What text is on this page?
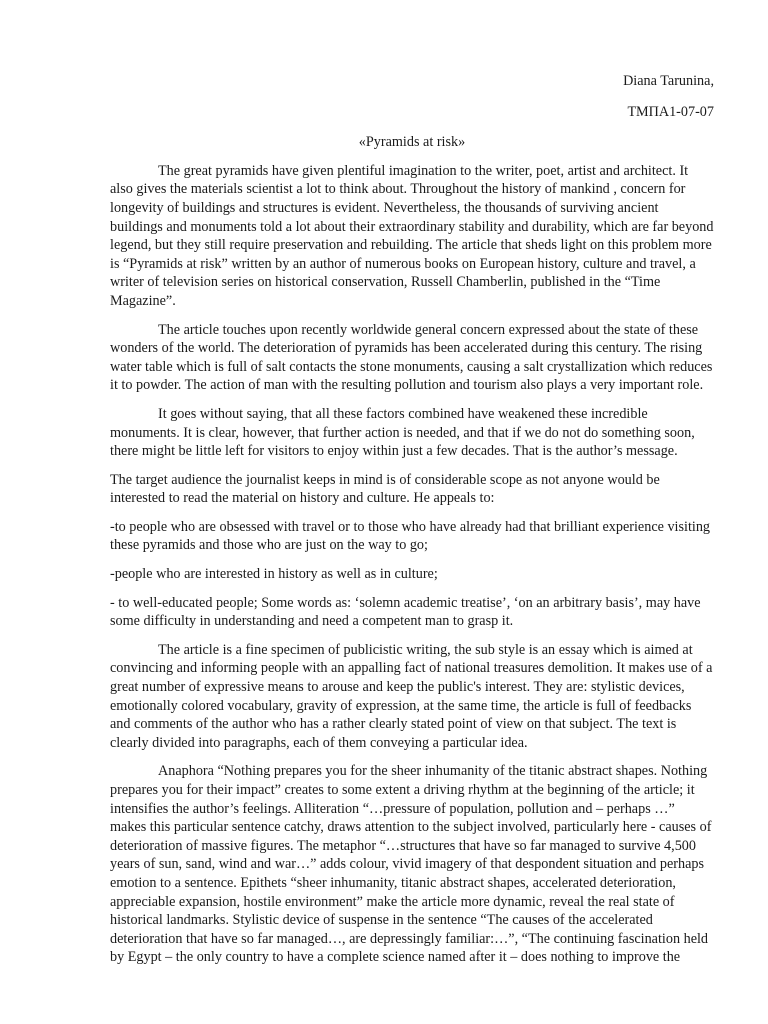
Diana Tarunina,

ТМПА1-07-07

«Pyramids at risk»

The great pyramids have given plentiful imagination to the writer, poet, artist and architect. It also gives the materials scientist a lot to think about. Throughout the history of mankind , concern for longevity of buildings and structures is evident. Nevertheless, the thousands of surviving ancient buildings and monuments told a lot about their extraordinary stability and durability, which are far beyond legend, but they still require preservation and rebuilding. The article that sheds light on this problem more is “Pyramids at risk” written by an author of numerous books on European history, culture and travel, a writer of television series on historical conservation, Russell Chamberlin, published in the “Time Magazine”.

The article touches upon recently worldwide general concern expressed about the state of these wonders of the world. The deterioration of pyramids has been accelerated during this century. The rising water table which is full of salt contacts the stone monuments, causing a salt crystallization which reduces it to powder. The action of man with the resulting pollution and tourism also plays a very important role.

It goes without saying, that all these factors combined have weakened these incredible monuments. It is clear, however, that further action is needed, and that if we do not do something soon, there might be little left for visitors to enjoy within just a few decades. That is the author’s message.

The target audience the journalist keeps in mind is of considerable scope as not anyone would be interested to read the material on history and culture. He appeals to:

-to people who are obsessed with travel or to those who have already had that brilliant experience visiting these pyramids and those who are just on the way to go;

-people who are interested in history as well as in culture;

- to well-educated people; Some words as: ‘solemn academic treatise’, ‘on an arbitrary basis’, may have some difficulty in understanding and need a competent man to grasp it.

The article is a fine specimen of publicistic writing, the sub style is an essay which is aimed at convincing and informing people with an appalling fact of national treasures demolition. It makes use of a great number of expressive means to arouse and keep the public's interest. They are: stylistic devices, emotionally colored vocabulary, gravity of expression, at the same time, the article is full of feedbacks and comments of the author who has a rather clearly stated point of view on that subject. The text is clearly divided into paragraphs, each of them conveying a particular idea.

Anaphora “Nothing prepares you for the sheer inhumanity of the titanic abstract shapes. Nothing prepares you for their impact” creates to some extent a driving rhythm at the beginning of the article; it intensifies the author’s feelings. Alliteration “…pressure of population, pollution and – perhaps …” makes this particular sentence catchy, draws attention to the subject involved, particularly here - causes of deterioration of massive figures. The metaphor “…structures that have so far managed to survive 4,500 years of sun, sand, wind and war…” adds colour, vivid imagery of that despondent situation and perhaps emotion to a sentence. Epithets “sheer inhumanity, titanic abstract shapes, accelerated deterioration, appreciable expansion, hostile environment” make the article more dynamic, reveal the real state of historical landmarks. Stylistic device of suspense in the sentence “The causes of the accelerated deterioration that have so far managed…, are depressingly familiar:…”, “The continuing fascination held by Egypt – the only country to have a complete science named after it – does nothing to improve the
